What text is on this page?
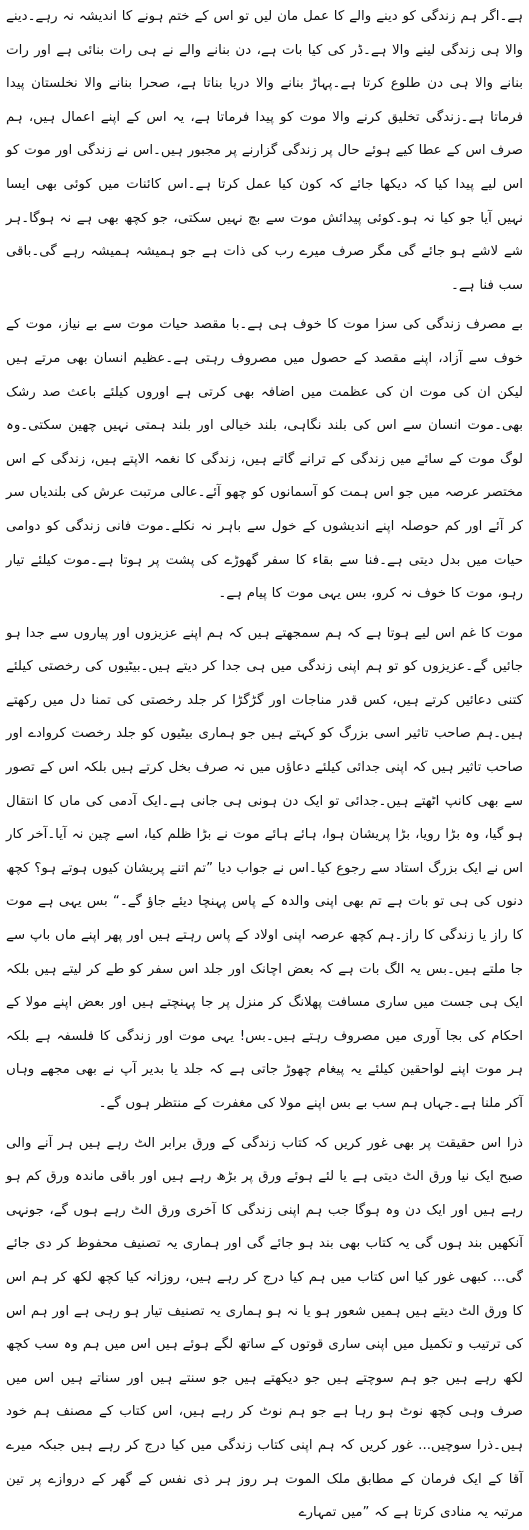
ہے۔اگر ہم زندگی کو دینے والے کا عمل مان لیں تو اس کے ختم ہونے کا اندیشہ نہ رہے۔دینے والا ہی زندگی لینے والا ہے۔ڈر کی کیا بات ہے، دن بنانے والے نے ہی رات بنائی ہے اور رات بنانے والا ہی دن طلوع کرتا ہے۔پہاڑ بنانے والا دریا بناتا ہے، صحرا بنانے والا نخلستان پیدا فرماتا ہے۔زندگی تخلیق کرنے والا موت کو پیدا فرماتا ہے، یہ اس کے اپنے اعمال ہیں، ہم صرف اس کے عطا کیے ہوئے حال پر زندگی گزارنے پر مجبور ہیں۔اس نے زندگی اور موت کو اس لیے پیدا کیا کہ دیکھا جائے کہ کون کیا عمل کرتا ہے۔اس کائنات میں کوئی بھی ایسا نہیں آیا جو کیا نہ ہو۔کوئی پیدائش موت سے بچ نہیں سکتی، جو کچھ بھی ہے نہ ہوگا۔ہر شے لاشے ہو جائے گی مگر صرف میرے رب کی ذات ہے جو ہمیشہ ہمیشہ رہے گی۔باقی سب فنا ہے۔

بے مصرف زندگی کی سزا موت کا خوف ہی ہے۔با مقصد حیات موت سے بے نیاز، موت کے خوف سے آزاد، اپنے مقصد کے حصول میں مصروف رہتی ہے۔عظیم انسان بھی مرتے ہیں لیکن ان کی موت ان کی عظمت میں اضافہ بھی کرتی ہے اوروں کیلئے باعث صد رشک بھی۔موت انسان سے اس کی بلند نگاہی، بلند خیالی اور بلند ہمتی نہیں چھین سکتی۔وہ لوگ موت کے سائے میں زندگی کے ترانے گاتے ہیں، زندگی کا نغمہ الاپتے ہیں، زندگی کے اس مختصر عرصہ میں جو اس ہمت کو آسمانوں کو چھو آئے۔عالی مرتبت عرش کی بلندیاں سر کر آئے اور کم حوصلہ اپنے اندیشوں کے خول سے باہر نہ نکلے۔موت فانی زندگی کو دوامی حیات میں بدل دیتی ہے۔فنا سے بقاء کا سفر گھوڑے کی پشت پر ہوتا ہے۔موت کیلئے تیار رہو، موت کا خوف نہ کرو، بس یہی موت کا پیام ہے۔

موت کا غم اس لیے ہوتا ہے کہ ہم سمجھتے ہیں کہ ہم اپنے عزیزوں اور پیاروں سے جدا ہو جائیں گے۔عزیزوں کو تو ہم اپنی زندگی میں ہی جدا کر دیتے ہیں۔بیٹیوں کی رخصتی کیلئے کتنی دعائیں کرتے ہیں، کس قدر مناجات اور گڑگڑا کر جلد رخصتی کی تمنا دل میں رکھتے ہیں۔ہم صاحب تاثیر اسی بزرگ کو کہتے ہیں جو ہماری بیٹیوں کو جلد رخصت کروادے اور صاحب تاثیر ہیں کہ اپنی جدائی کیلئے دعاؤں میں نہ صرف بخل کرتے ہیں بلکہ اس کے تصور سے بھی کانپ اٹھتے ہیں۔جدائی تو ایک دن ہونی ہی جانی ہے۔ایک آدمی کی ماں کا انتقال ہو گیا، وہ بڑا رویا، بڑا پریشان ہوا، ہائے ہائے موت نے بڑا ظلم کیا، اسے چین نہ آیا۔آخر کار اس نے ایک بزرگ استاد سے رجوع کیا۔اس نے جواب دیا ”تم اتنے پریشان کیوں ہوتے ہو؟ کچھ دنوں کی ہی تو بات ہے تم بھی اپنی والدہ کے پاس پہنچا دیئے جاؤ گے۔“ بس یہی ہے موت کا راز یا زندگی کا راز۔ہم کچھ عرصہ اپنی اولاد کے پاس رہتے ہیں اور پھر اپنے ماں باپ سے جا ملتے ہیں۔بس یہ الگ بات ہے کہ بعض اچانک اور جلد اس سفر کو طے کر لیتے ہیں بلکہ ایک ہی جست میں ساری مسافت پھلانگ کر منزل پر جا پہنچتے ہیں اور بعض اپنے مولا کے احکام کی بجا آوری میں مصروف رہتے ہیں۔بس! یہی موت اور زندگی کا فلسفہ ہے بلکہ ہر موت اپنے لواحقین کیلئے یہ پیغام چھوڑ جاتی ہے کہ جلد یا بدیر آپ نے بھی مجھے وہاں آکر ملنا ہے۔جہاں ہم سب بے بس اپنے مولا کی مغفرت کے منتظر ہوں گے۔

ذرا اس حقیقت پر بھی غور کریں کہ کتاب زندگی کے ورق برابر الٹ رہے ہیں ہر آنے والی صبح ایک نیا ورق الٹ دیتی ہے یا لئے ہوئے ورق پر بڑھ رہے ہیں اور باقی ماندہ ورق کم ہو رہے ہیں اور ایک دن وہ ہوگا جب ہم اپنی زندگی کا آخری ورق الٹ رہے ہوں گے، جونہی آنکھیں بند ہوں گی یہ کتاب بھی بند ہو جائے گی اور ہماری یہ تصنیف محفوظ کر دی جائے گی... کبھی غور کیا اس کتاب میں ہم کیا درج کر رہے ہیں، روزانہ کیا کچھ لکھ کر ہم اس کا ورق الٹ دیتے ہیں ہمیں شعور ہو یا نہ ہو ہماری یہ تصنیف تیار ہو رہی ہے اور ہم اس کی ترتیب و تکمیل میں اپنی ساری قوتوں کے ساتھ لگے ہوئے ہیں اس میں ہم وہ سب کچھ لکھ رہے ہیں جو ہم سوچتے ہیں جو دیکھتے ہیں جو سنتے ہیں اور سناتے ہیں اس میں صرف وہی کچھ نوٹ ہو رہا ہے جو ہم نوٹ کر رہے ہیں، اس کتاب کے مصنف ہم خود ہیں۔ذرا سوچیں... غور کریں کہ ہم اپنی کتاب زندگی میں کیا درج کر رہے ہیں جبکہ میرے آقا کے ایک فرمان کے مطابق ملک الموت ہر روز ہر ذی نفس کے گھر کے دروازے پر تین مرتبہ یہ منادی کرتا ہے کہ ”میں تمہارے
